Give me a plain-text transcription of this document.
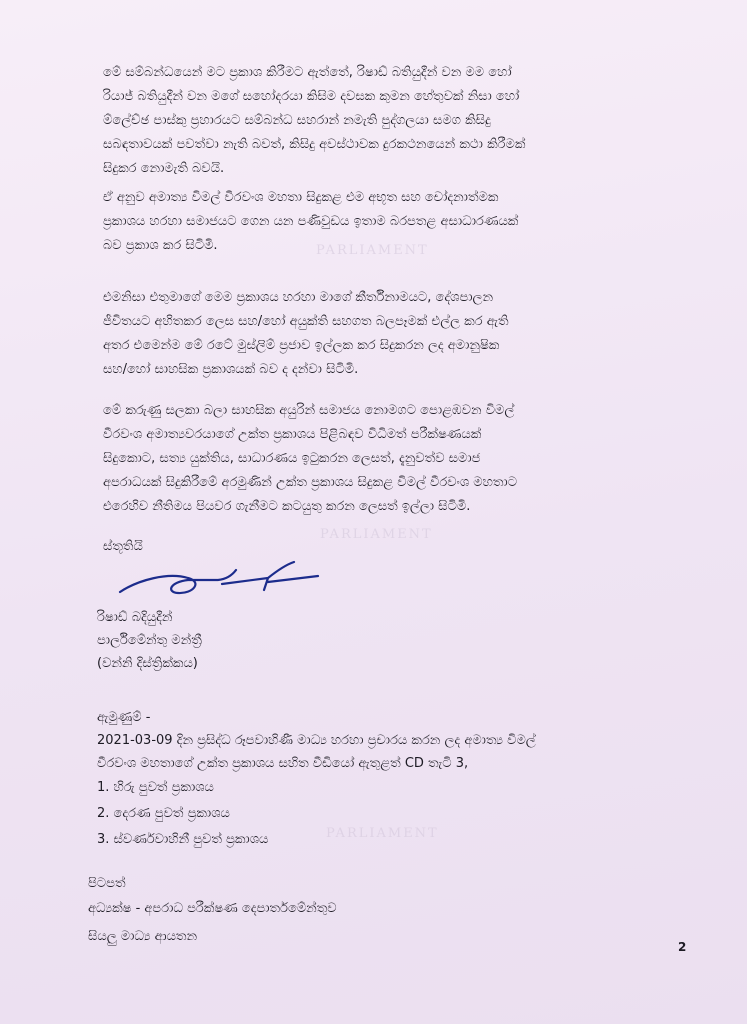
PARLIAMENT
PARLIAMENT
PARLIAMENT

මේ සම්බන්ධයෙන් මට ප්‍රකාශ කිරීමට ඇත්තේ, රිෂාඩ් බතියුදීන් වන මම හෝ
රියාජ් බතියුදීන් වන මගේ සහෝදරයා කිසිම දවසක කුමන හේතුවක් නිසා හෝ
ම්ලේච්ඡ පාස්කු ප්‍රහාරයට සම්බන්ධ සහරාන් නමැති පුද්ගලයා සමග කිසිදු
සබඳතාවයක් පවත්වා නැති බවත්, කිසිදු අවස්ථාවක දුරකථනයෙන් කථා කිරීමක්
සිදුකර නොමැති බවයි.

ඒ අනුව අමාත්‍ය විමල් වීරවංශ මහතා සිදුකළ එම අභූත සහ චෝදනාත්මක
ප්‍රකාශය හරහා සමාජයට ගෙන යන පණිවුඩය ඉතාම බරපතළ අසාධාරණයක්
බව ප්‍රකාශ කර සිටිමි.

එමනිසා එතුමාගේ මෙම ප්‍රකාශය හරහා මාගේ කීර්තිනාමයට, දේශපාලන
ජීවිතයට අහිතකර ලෙස සහ/හෝ අයුක්ති සහගත බලපෑමක් එල්ල කර ඇති
අතර එමෙන්ම මේ රටේ මුස්ලිම් ප්‍රජාව ඉල්ලක කර සිදුකරන ලද අමානුෂික
සහ/හෝ සාහසික ප්‍රකාශයක් බව ද දන්වා සිටිමි.

මේ කරුණු සලකා බලා සාහසික අයුරින් සමාජය නොමගට පොළඹවන විමල්
වීරවංශ අමාත්‍යවරයාගේ උක්ත ප්‍රකාශය පිළිබඳව විධිමත් පරීක්ෂණයක්
සිදුකොට, සත්‍ය යුක්තිය, සාධාරණය ඉටුකරන ලෙසත්, දැනුවත්ව සමාජ
අපරාධයක් සිදුකිරීමේ අරමුණින් උක්ත ප්‍රකාශය සිදුකළ විමල් වීරවංශ මහතාට
එරෙහිව නීතිමය පියවර ගැනීමට කටයුතු කරන ලෙසත් ඉල්ලා සිටිමි.

ස්තූතියි

රිෂාඩ් බදියුදීන්
පාර්ලිමේන්තු මන්ත්‍රී
(වන්නි දිස්ත්‍රික්කය)
ඇමුණුම් -
2021-03-09 දින ප්‍රසිද්ධ රූපවාහිණී මාධ්‍ය හරහා ප්‍රචාරය කරන ලද අමාත්‍ය විමල්
වීරවංශ මහතාගේ උක්ත ප්‍රකාශය සහිත වීඩියෝ ඇතුළත් CD තැටි 3,
1. හිරු පුවත් ප්‍රකාශය
2. දෙරණ පුවත් ප්‍රකාශය
3. ස්වර්ණවාහිනී පුවත් ප්‍රකාශය
පිටපත්
අධ්‍යක්ෂ - අපරාධ පරීක්ෂණ දෙපාර්තමේන්තුව
සියලු මාධ්‍ය ආයතන
2
